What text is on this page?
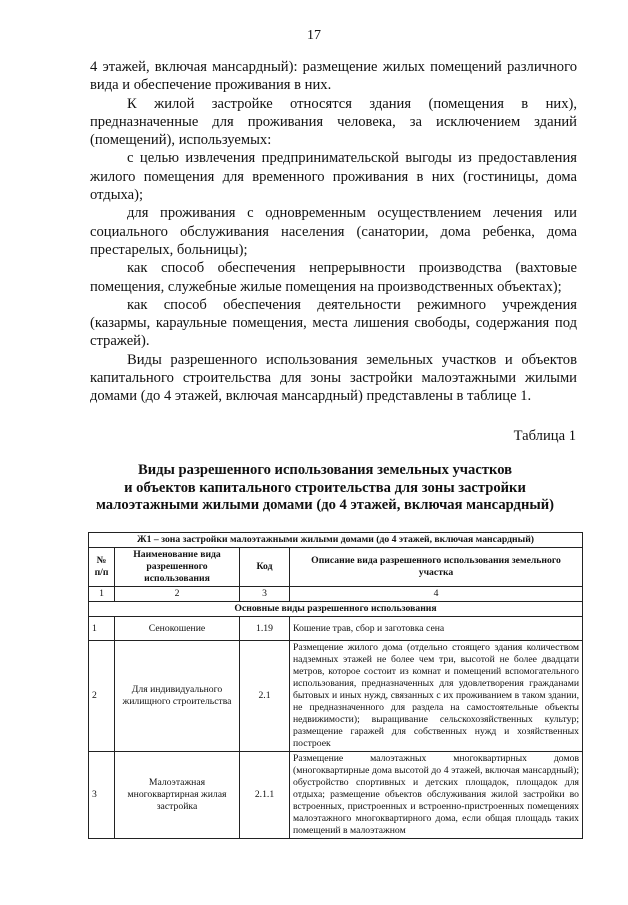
17

4 этажей, включая мансардный): размещение жилых помещений различного вида и обеспечение проживания в них.

К жилой застройке относятся здания (помещения в них), предназначенные для проживания человека, за исключением зданий (помещений), используемых:

с целью извлечения предпринимательской выгоды из предоставления жилого помещения для временного проживания в них (гостиницы, дома отдыха);

для проживания с одновременным осуществлением лечения или социального обслуживания населения (санатории, дома ребенка, дома престарелых, больницы);

как способ обеспечения непрерывности производства (вахтовые помещения, служебные жилые помещения на производственных объектах);

как способ обеспечения деятельности режимного учреждения (казармы, караульные помещения, места лишения свободы, содержания под стражей).

Виды разрешенного использования земельных участков и объектов капитального строительства для зоны застройки малоэтажными жилыми домами (до 4 этажей, включая мансардный) представлены в таблице 1.

Таблица 1
Виды разрешенного использования земельных участков
и объектов капитального строительства для зоны застройки
малоэтажными жилыми домами (до 4 этажей, включая мансардный)
Ж1 – зона застройки малоэтажными жилыми домами (до 4 этажей, включая мансардный)			
№ п/п	Наименование вида разрешенного использования	Код	Описание вида разрешенного использования земельного участка
1	2	3	4
Основные виды разрешенного использования			
1	Сенокошение	1.19	Кошение трав, сбор и заготовка сена
2	Для индивидуального жилищного строительства	2.1	Размещение жилого дома (отдельно стоящего здания количеством надземных этажей не более чем три, высотой не более двадцати метров, которое состоит из комнат и помещений вспомогательного использования, предназначенных для удовлетворения гражданами бытовых и иных нужд, связанных с их проживанием в таком здании, не предназначенного для раздела на самостоятельные объекты недвижимости); выращивание сельскохозяйственных культур; размещение гаражей для собственных нужд и хозяйственных построек
3	Малоэтажная многоквартирная жилая застройка	2.1.1	Размещение малоэтажных многоквартирных домов (многоквартирные дома высотой до 4 этажей, включая мансардный); обустройство спортивных и детских площадок, площадок для отдыха; размещение объектов обслуживания жилой застройки во встроенных, пристроенных и встроенно-пристроенных помещениях малоэтажного многоквартирного дома, если общая площадь таких помещений в малоэтажном
